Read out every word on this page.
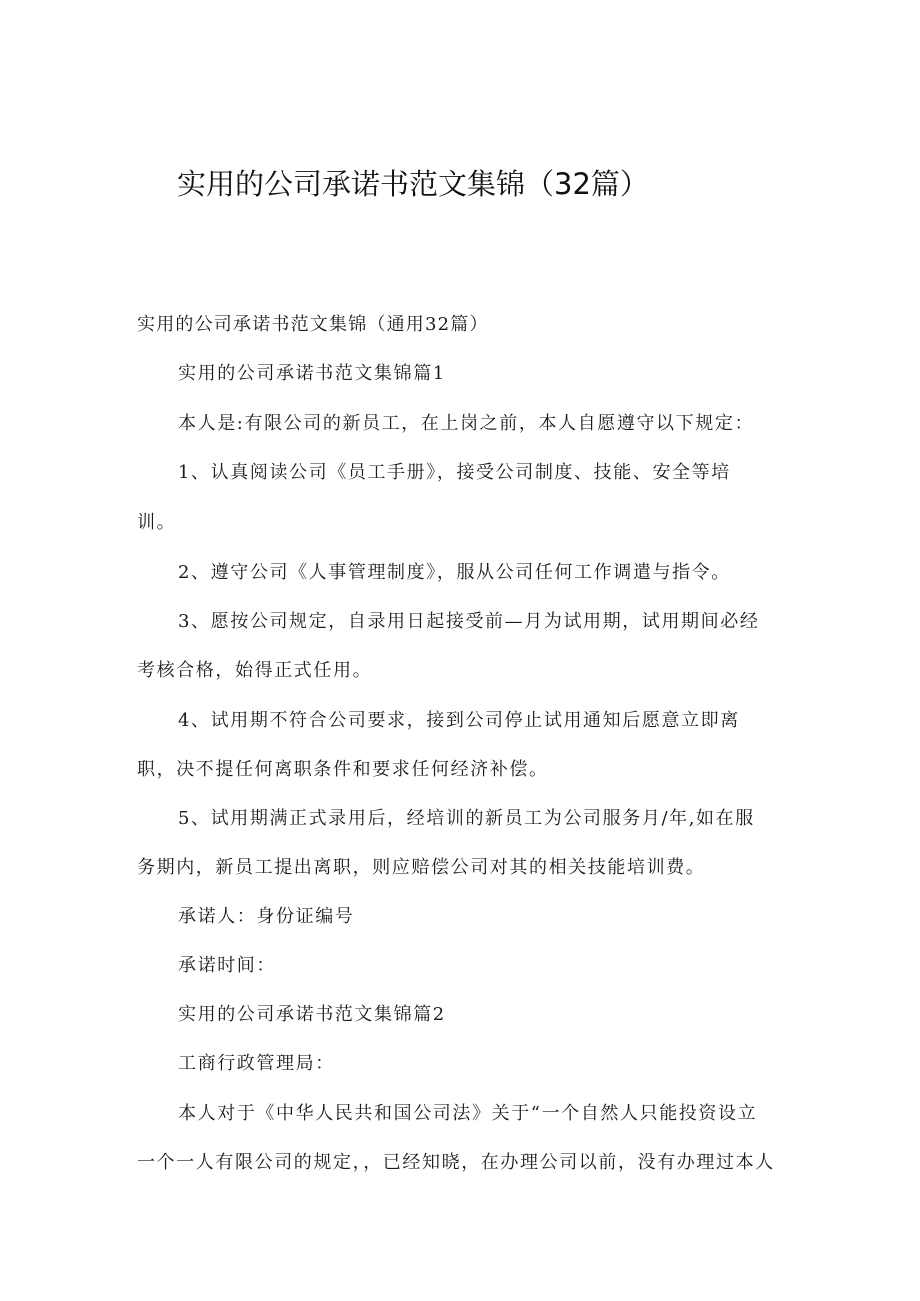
实用的公司承诺书范文集锦（32篇）

实用的公司承诺书范文集锦（通用32篇）

实用的公司承诺书范文集锦篇1

本人是:有限公司的新员工，在上岗之前，本人自愿遵守以下规定：

1、认真阅读公司《员工手册》，接受公司制度、技能、安全等培

训。

2、遵守公司《人事管理制度》，服从公司任何工作调遣与指令。

3、愿按公司规定，自录用日起接受前—月为试用期，试用期间必经

考核合格，始得正式任用。

4、试用期不符合公司要求，接到公司停止试用通知后愿意立即离

职，决不提任何离职条件和要求任何经济补偿。

5、试用期满正式录用后，经培训的新员工为公司服务月/年,如在服

务期内，新员工提出离职，则应赔偿公司对其的相关技能培训费。

承诺人：身份证编号

承诺时间：

实用的公司承诺书范文集锦篇2

工商行政管理局：

本人对于《中华人民共和国公司法》关于“一个自然人只能投资设立

一个一人有限公司的规定，，已经知晓，在办理公司以前，没有办理过本人
